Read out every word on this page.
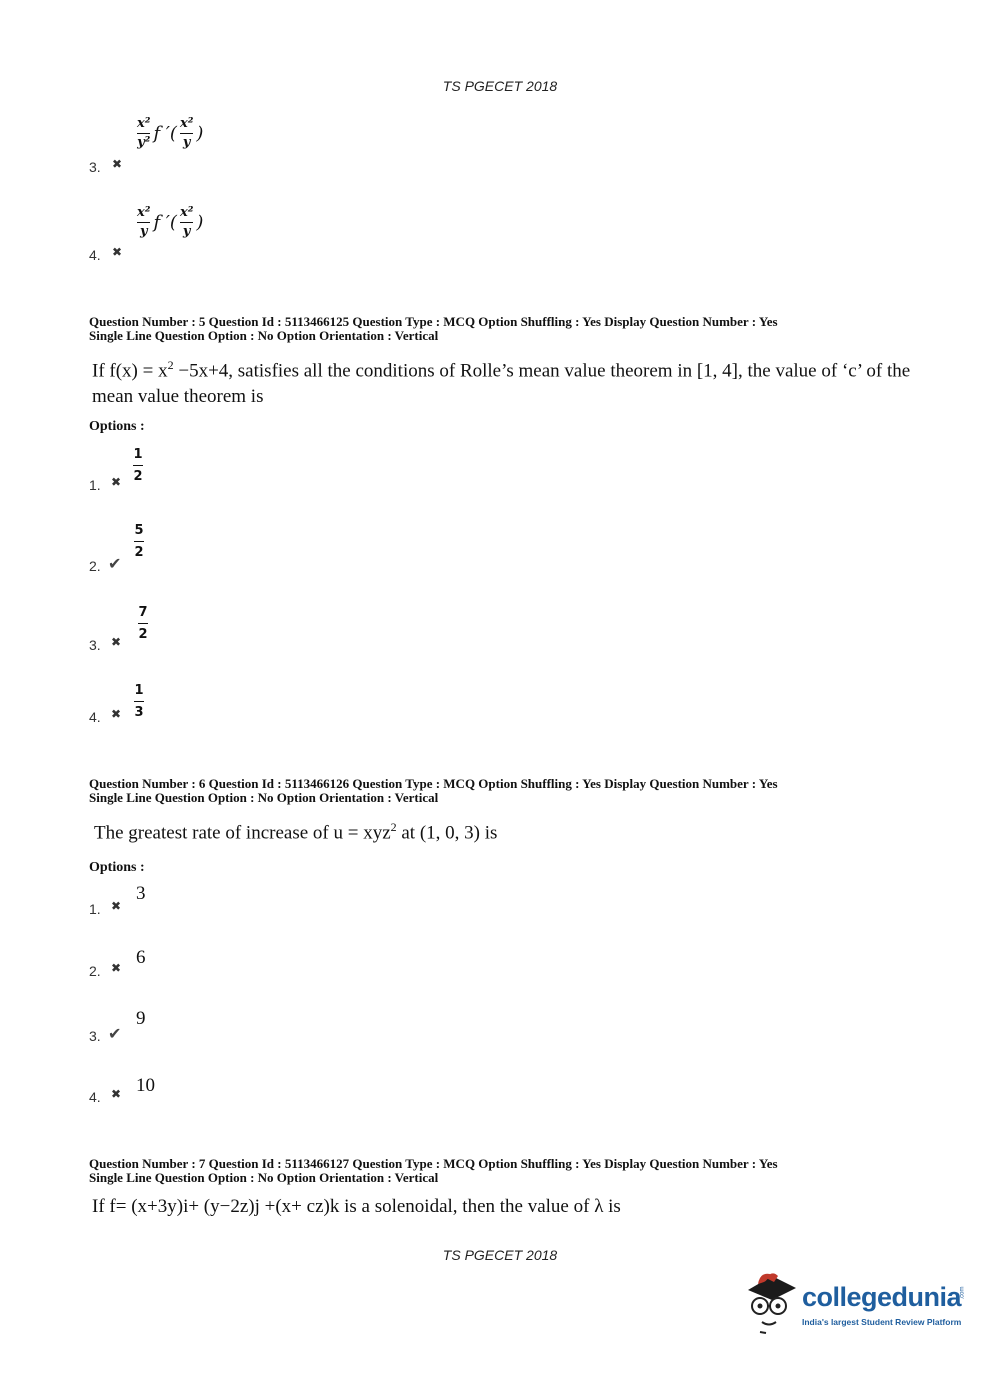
TS PGECET 2018
3. ✖
x²
y² f ′( x²
y )
4. ✖
x²
y f ′( x²
y )
Question Number : 5 Question Id : 5113466125 Question Type : MCQ Option Shuffling : Yes Display Question Number : Yes
Single Line Question Option : No Option Orientation : Vertical
If $f(x) = x^2 -5x+4$, satisfies all the conditions of Rolle’s mean value theorem in [1, 4], the value of ‘c’ of the mean value theorem is
Options :
1. ✖
1
2
2. ✔
5
2
3. ✖
7
2
4. ✖
1
3
Question Number : 6 Question Id : 5113466126 Question Type : MCQ Option Shuffling : Yes Display Question Number : Yes
Single Line Question Option : No Option Orientation : Vertical
The greatest rate of increase of u = xyz$^2$ at (1, 0, 3) is
Options :
1. ✖
3
2. ✖ 6
3. ✔
9
4. ✖ 10
Question Number : 7 Question Id : 5113466127 Question Type : MCQ Option Shuffling : Yes Display Question Number : Yes
Single Line Question Option : No Option Orientation : Vertical
If f= (x+3y)i+ (y−2z)j +(x+ cz)k is a solenoidal, then the value of λ is
TS PGECET 2018
collegedunia
.com
India's largest Student Review Platform
